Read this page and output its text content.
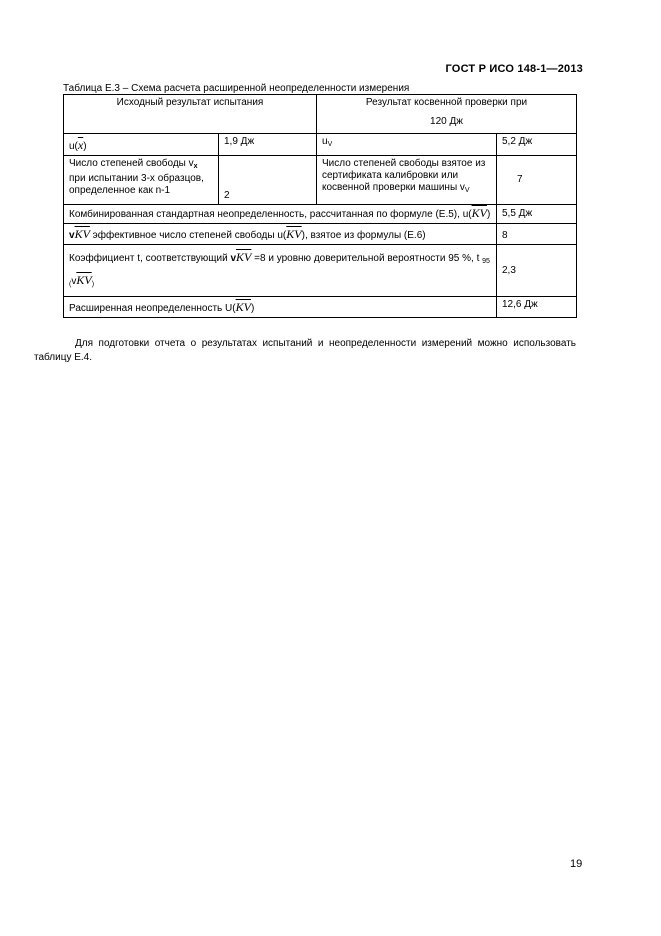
ГОСТ Р ИСО 148-1—2013
Таблица Е.3 – Схема расчета расширенной неопределенности измерения
Исходный результат испытания		Результат косвенной проверки при
120 Дж	

$u(\overline{x})$	1,9 Дж	$u_V$	5,2 Дж
Число степеней свободы $v_x$ при испытании 3-х образцов, определенное как n-1	2	Число степеней свободы взятое из сертификата калибровки или косвенной проверки машины $v_V$	7
Комбинированная стандартная неопределенность, рассчитанная по формуле (Е.5), $u(\overline{KV})$			5,5 Дж
$v\overline{KV}$ эффективное число степеней свободы $u(\overline{KV})$, взятое из формулы (Е.6)			8
Коэффициент t, соответствующий $v\overline{KV} =8$ и уровню доверительной вероятности 95 %, t $_{95 (}v\overline{KV}_)$			2,3
Расширенная неопределенность $U(\overline{KV})$			12,6 Дж
Для подготовки отчета о результатах испытаний и неопределенности измерений можно использовать таблицу Е.4.
19
